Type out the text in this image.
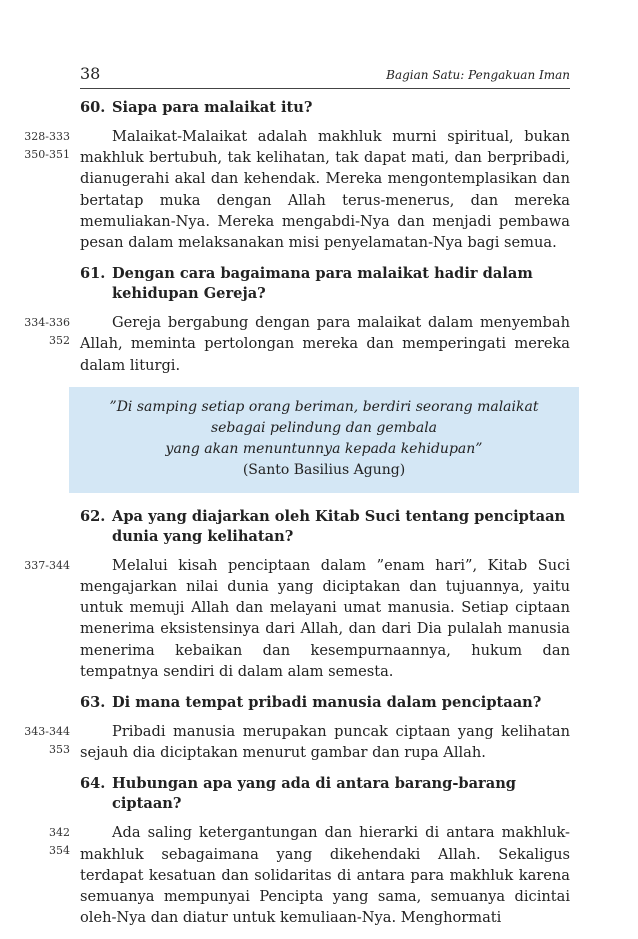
38	Bagian Satu: Pengakuan Iman
60. Siapa para malaikat itu?
328-333
350-351
Malaikat-Malaikat adalah makhluk murni spiritual, bukan makhluk bertubuh, tak kelihatan, tak dapat mati, dan berpribadi, dianugerahi akal dan kehendak. Mereka mengontemplasikan dan bertatap muka dengan Allah terus-menerus, dan mereka memuliakan-Nya. Mereka mengabdi-Nya dan menjadi pembawa pesan dalam melaksanakan misi penyelamatan-Nya bagi semua.
61. Dengan cara bagaimana para malaikat hadir dalam kehidupan Gereja?
334-336
352
Gereja bergabung dengan para malaikat dalam menyembah Allah, meminta pertolongan mereka dan memperingati mereka dalam liturgi.
”Di samping setiap orang beriman, berdiri seorang malaikat
sebagai pelindung dan gembala
yang akan menuntunnya kepada kehidupan”
(Santo Basilius Agung)
62. Apa yang diajarkan oleh Kitab Suci tentang penciptaan dunia yang kelihatan?
337-344	Melalui kisah penciptaan dalam ”enam hari”, Kitab Suci mengajarkan nilai dunia yang diciptakan dan tujuannya, yaitu untuk memuji Allah dan melayani umat manusia. Setiap ciptaan menerima eksistensinya dari Allah, dan dari Dia pulalah manusia menerima kebaikan dan kesempurnaannya, hukum dan tempatnya sendiri di dalam alam semesta.
63. Di mana tempat pribadi manusia dalam penciptaan?
343-344
353
Pribadi manusia merupakan puncak ciptaan yang kelihatan sejauh dia diciptakan menurut gambar dan rupa Allah.
64. Hubungan apa yang ada di antara barang-barang ciptaan?
342
354
Ada saling ketergantungan dan hierarki di antara makhluk-makhluk sebagaimana yang dikehendaki Allah. Sekaligus terdapat kesatuan dan solidaritas di antara para makhluk karena semuanya mempunyai Pencipta yang sama, semuanya dicintai oleh-Nya dan diatur untuk kemuliaan-Nya. Menghormati
